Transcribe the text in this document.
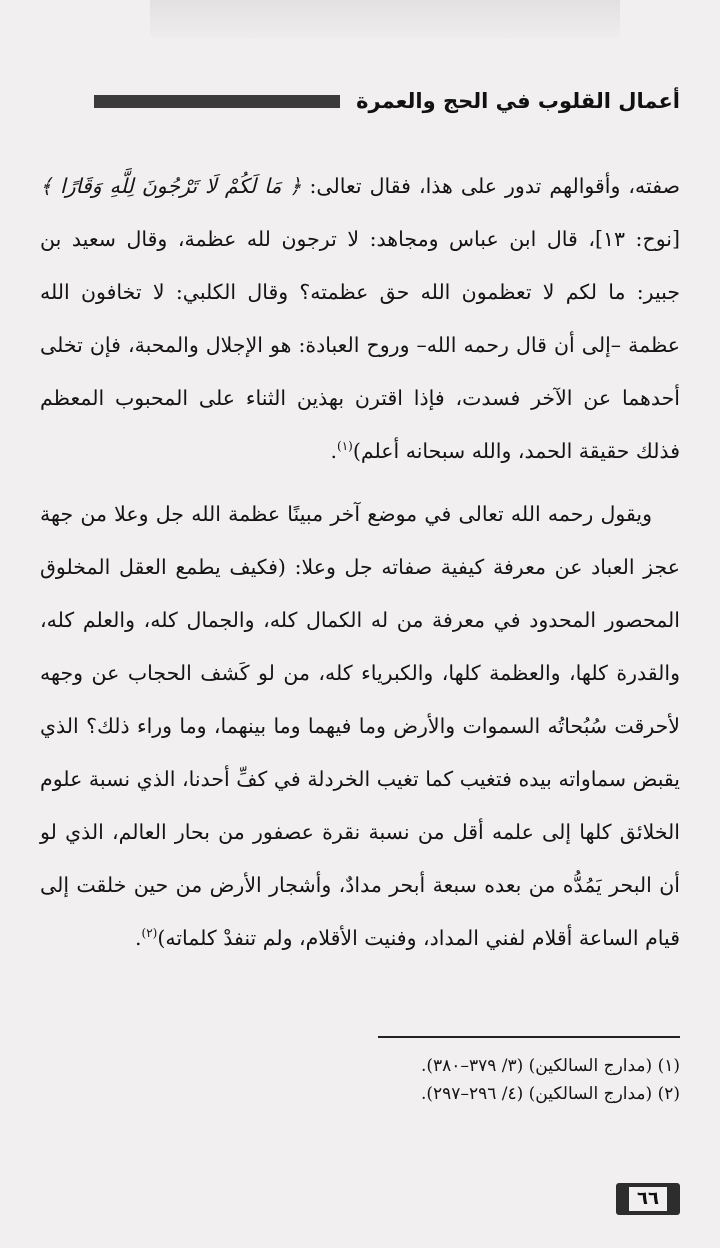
أعمال القلوب في الحج والعمرة

صفته، وأقوالهم تدور على هذا، فقال تعالى: ﴿ مَا لَكُمْ لَا تَرْجُونَ لِلَّهِ وَقَارًا ﴾ [نوح: ١٣]، قال ابن عباس ومجاهد: لا ترجون لله عظمة، وقال سعيد بن جبير: ما لكم لا تعظمون الله حق عظمته؟ وقال الكلبي: لا تخافون الله عظمة –إلى أن قال رحمه الله– وروح العبادة: هو الإجلال والمحبة، فإن تخلى أحدهما عن الآخر فسدت، فإذا اقترن بهذين الثناء على المحبوب المعظم فذلك حقيقة الحمد، والله سبحانه أعلم)$^{(١)}$.

ويقول رحمه الله تعالى في موضع آخر مبينًا عظمة الله جل وعلا من جهة عجز العباد عن معرفة كيفية صفاته جل وعلا: (فكيف يطمع العقل المخلوق المحصور المحدود في معرفة من له الكمال كله، والجمال كله، والعلم كله، والقدرة كلها، والعظمة كلها، والكبرياء كله، من لو كَشف الحجاب عن وجهه لأحرقت سُبُحاتُه السموات والأرض وما فيهما وما بينهما، وما وراء ذلك؟ الذي يقبض سماواته بيده فتغيب كما تغيب الخردلة في كفِّ أحدنا، الذي نسبة علوم الخلائق كلها إلى علمه أقل من نسبة نقرة عصفور من بحار العالم، الذي لو أن البحر يَمُدُّه من بعده سبعة أبحر مدادٌ، وأشجار الأرض من حين خلقت إلى قيام الساعة أقلام لفني المداد، وفنيت الأقلام، ولم تنفدْ كلماته)$^{(٢)}$.

(١) (مدارج السالكين) (٣/ ٣٧٩–٣٨٠).

(٢) (مدارج السالكين) (٤/ ٢٩٦–٢٩٧).

٦٦
